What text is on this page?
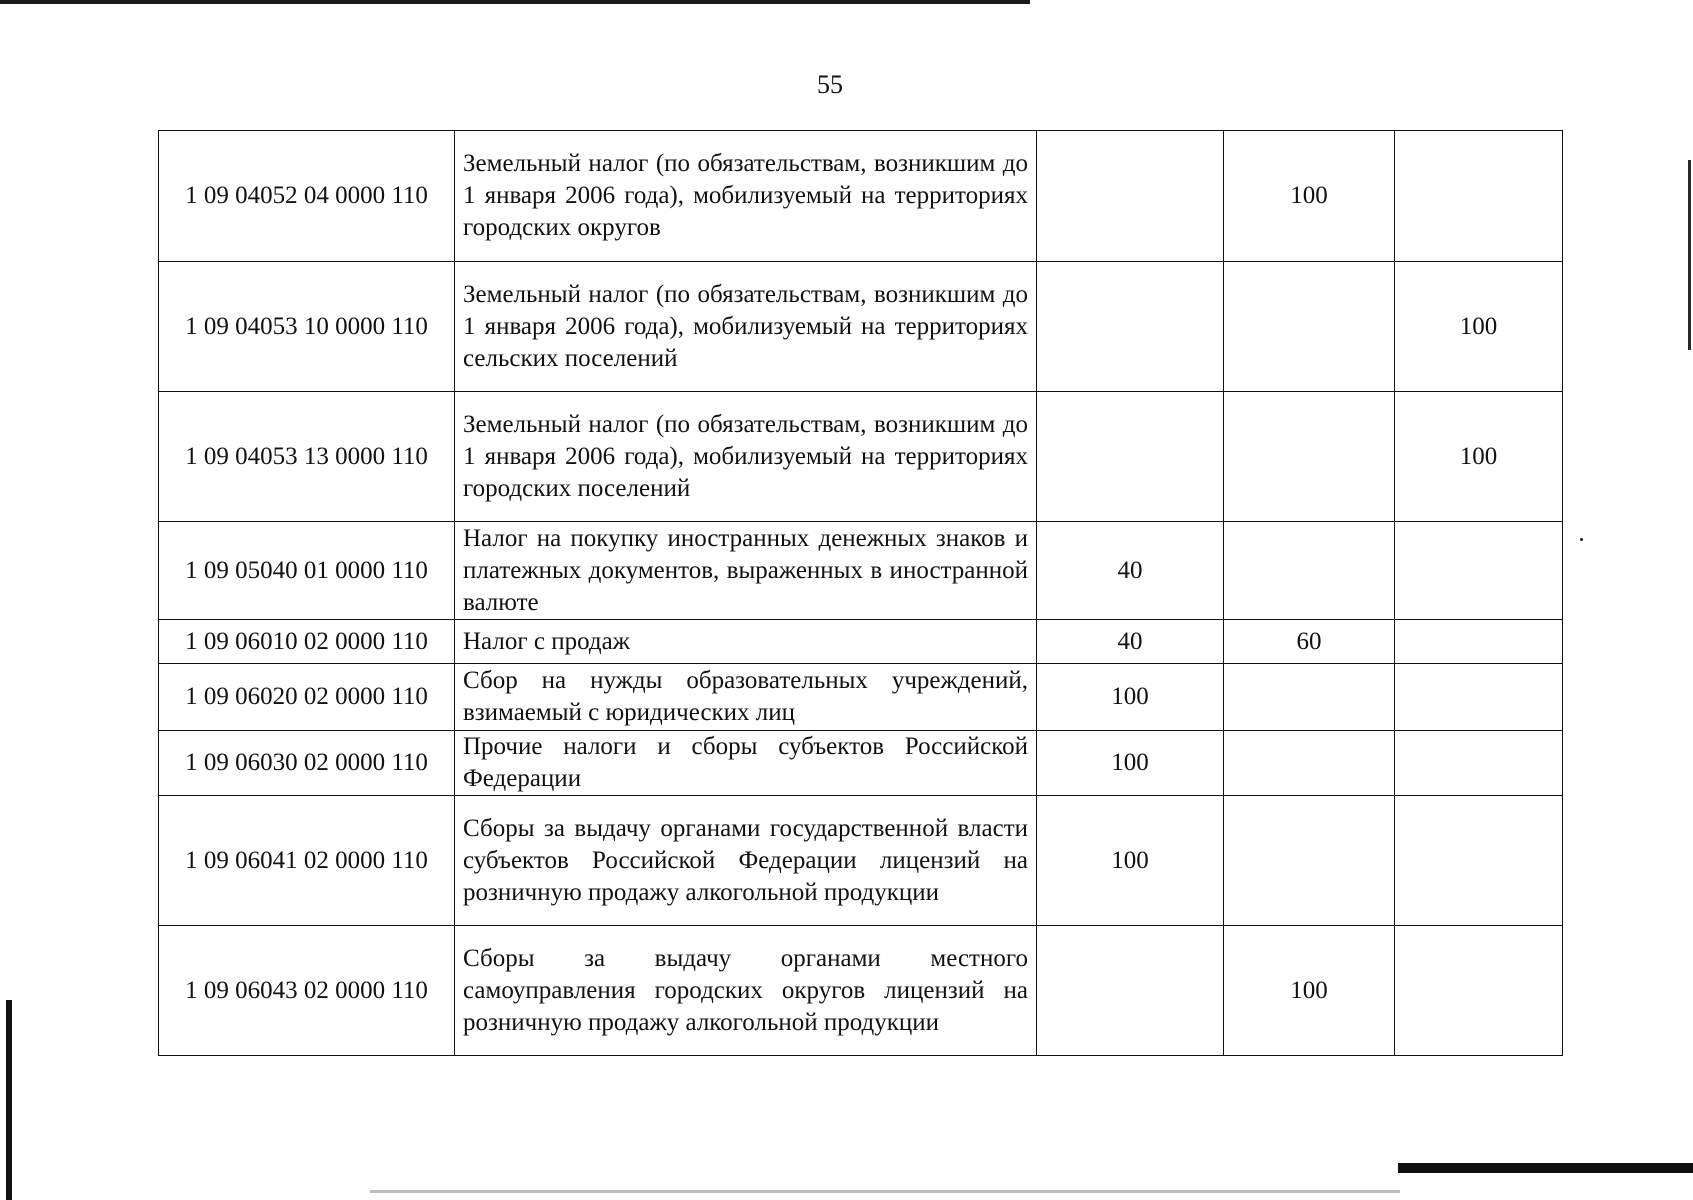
55
1 09 04052 04 0000 110	Земельный налог (по обязательствам, возникшим до 1 января 2006 года), мобилизуемый на территориях городских округов		100	
1 09 04053 10 0000 110	Земельный налог (по обязательствам, возникшим до 1 января 2006 года), мобилизуемый на территориях сельских поселений			100
1 09 04053 13 0000 110	Земельный налог (по обязательствам, возникшим до 1 января 2006 года), мобилизуемый на территориях городских поселений			100
1 09 05040 01 0000 110	Налог на покупку иностранных денежных знаков и платежных документов, выраженных в иностранной валюте	40		
1 09 06010 02 0000 110	Налог с продаж	40	60	
1 09 06020 02 0000 110	Сбор на нужды образовательных учреждений, взимаемый с юридических лиц	100		
1 09 06030 02 0000 110	Прочие налоги и сборы субъектов Российской Федерации	100		
1 09 06041 02 0000 110	Сборы за выдачу органами государственной власти субъектов Российской Федерации лицензий на розничную продажу алкогольной продукции	100		
1 09 06043 02 0000 110	Сборы за выдачу органами местного самоуправления городских округов лицензий на розничную продажу алкогольной продукции		100	
